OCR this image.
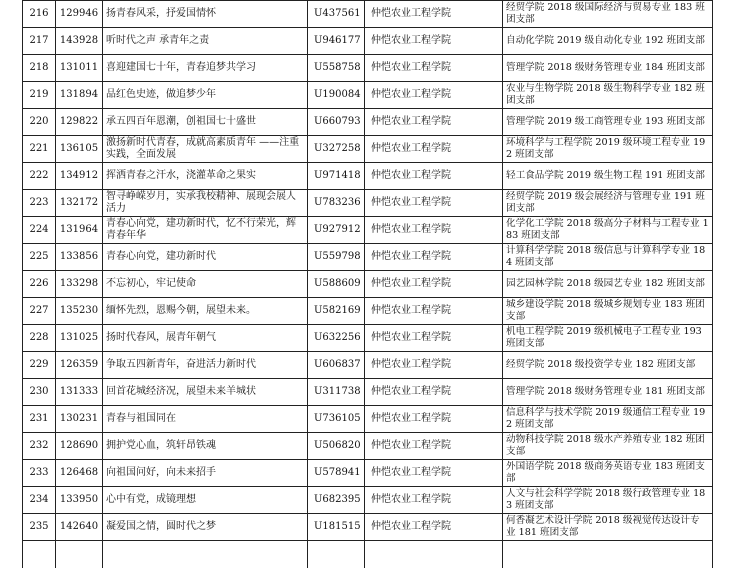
216	129946	扬青春风采，抒爱国情怀	U437561	仲恺农业工程学院	经贸学院 2018 级国际经济与贸易专业 183 班团支部
217	143928	听时代之声 承青年之责	U946177	仲恺农业工程学院	自动化学院 2019 级自动化专业 192 班团支部
218	131011	喜迎建国七十年，青春追梦共学习	U558758	仲恺农业工程学院	管理学院 2018 级财务管理专业 184 班团支部
219	131894	品红色史迹，做追梦少年	U190084	仲恺农业工程学院	农业与生物学院 2018 级生物科学专业 182 班团支部
220	129822	承五四百年恩潮，创祖国七十盛世	U660793	仲恺农业工程学院	管理学院 2019 级工商管理专业 193 班团支部
221	136105	激扬新时代青春，成就高素质青年 ——注重实践，全面发展	U327258	仲恺农业工程学院	环境科学与工程学院 2019 级环境工程专业 192 班团支部
222	134912	挥洒青春之汗水，浇灌革命之果实	U971418	仲恺农业工程学院	轻工食品学院 2019 级生物工程 191 班团支部
223	132172	智寻峥嵘岁月，实承我校精神、展现会展人活力	U783236	仲恺农业工程学院	经贸学院 2019 级会展经济与管理专业 191 班团支部
224	131964	青春心向党，建功新时代，忆不行荣光，辉青春年华	U927912	仲恺农业工程学院	化学化工学院 2018 级高分子材料与工程专业 183 班团支部
225	133856	青春心向党，建功新时代	U559798	仲恺农业工程学院	计算科学学院 2018 级信息与计算科学专业 184 班团支部
226	133298	不忘初心，牢记使命	U588609	仲恺农业工程学院	园艺园林学院 2018 级园艺专业 182 班团支部
227	135230	缅怀先烈，恩赐今朝，展望未来。	U582169	仲恺农业工程学院	城乡建设学院 2018 级城乡规划专业 183 班团支部
228	131025	扬时代春风，展青年朝气	U632256	仲恺农业工程学院	机电工程学院 2019 级机械电子工程专业 193 班团支部
229	126359	争取五四新青年，奋进活力新时代	U606837	仲恺农业工程学院	经贸学院 2018 级投资学专业 182 班团支部
230	131333	回首花城经济况，展望未来羊城状	U311738	仲恺农业工程学院	管理学院 2018 级财务管理专业 181 班团支部
231	130231	青春与祖国同在	U736105	仲恺农业工程学院	信息科学与技术学院 2019 级通信工程专业 192 班团支部
232	128690	拥护党心血，筑轩昂铁魂	U506820	仲恺农业工程学院	动物科技学院 2018 级水产养殖专业 182 班团支部
233	126468	向祖国问好，向未来招手	U578941	仲恺农业工程学院	外国语学院 2018 级商务英语专业 183 班团支部
234	133950	心中有党，成镜理想	U682395	仲恺农业工程学院	人文与社会科学学院 2018 级行政管理专业 183 班团支部
235	142640	凝爱国之情，圆时代之梦	U181515	仲恺农业工程学院	何香凝艺术设计学院 2018 级视觉传达设计专业 181 班团支部
